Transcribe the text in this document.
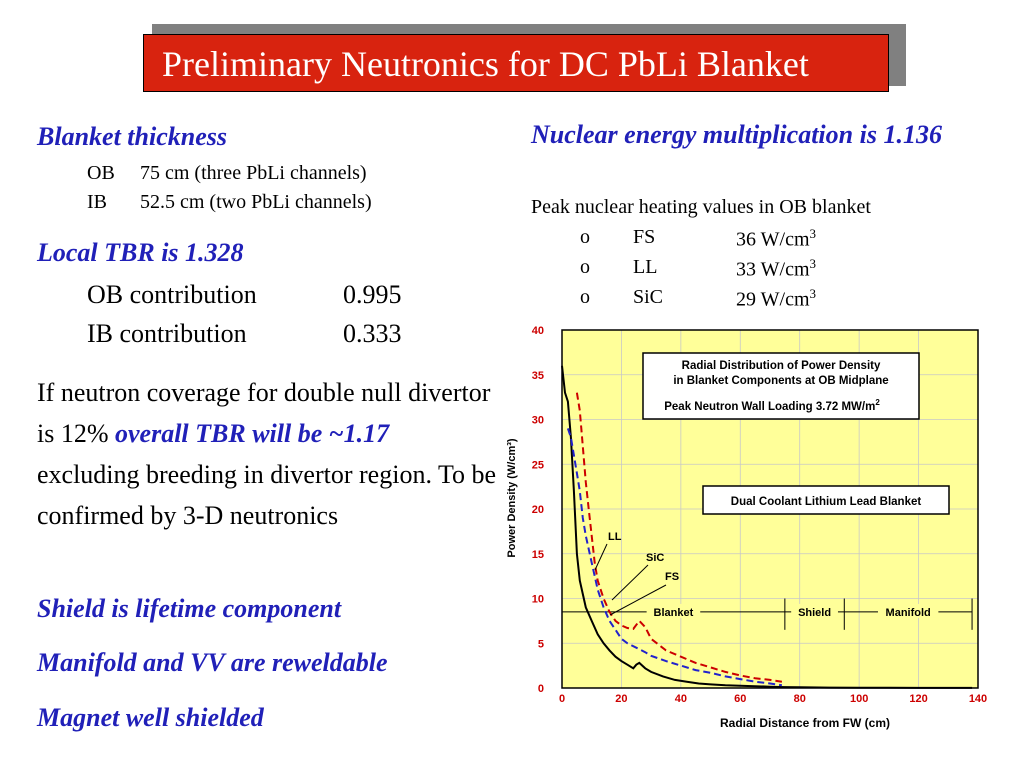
Preliminary Neutronics for DC PbLi Blanket
Blanket thickness
OB 75 cm (three PbLi channels)
IB 52.5 cm (two PbLi channels)
Local TBR is 1.328
OB contribution	0.995
IB contribution	0.333
If neutron coverage for double null divertor is 12% overall TBR will be ~1.17 excluding breeding in divertor region. To be confirmed by 3-D neutronics
Shield is lifetime component
Manifold and VV are reweldable
Magnet well shielded
Nuclear energy multiplication is 1.136
Peak nuclear heating values in OB blanket
o FS	36 $W/cm^3$
o LL	33 $W/cm^3$
o SiC	29 $W/cm^3$
Blanket	Shield	Manifold
0	20	40	60	80	100	120	140
0
5
10
15
20
25
30
35
40
Radial Distribution of Power Density
in Blanket Components at OB Midplane
Peak Neutron Wall Loading 3.72 $MW/m^2$
Dual Coolant Lithium Lead Blanket
Radial Distance from FW (cm)
Power Density (W/cm³)	LL
SiC
FS
